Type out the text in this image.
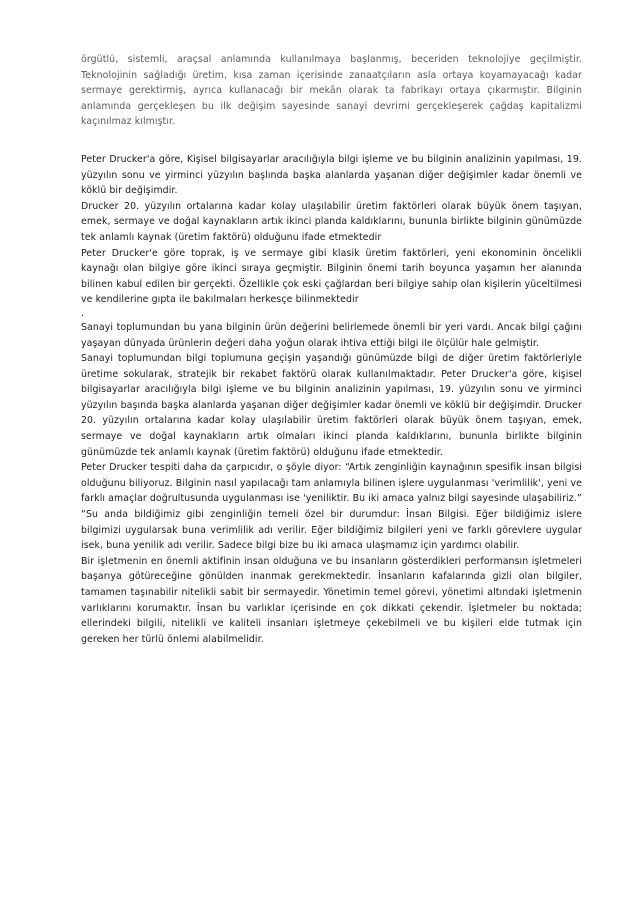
örgütlü, sistemli, araçsal anlamında kullanılmaya başlanmış, beceriden teknolojiye geçilmiştir. Teknolojinin sağladığı üretim, kısa zaman içerisinde zanaatçıların asla ortaya koyamayacağı kadar sermaye gerektirmiş, ayrıca kullanacağı bir mekân olarak ta fabrikayı ortaya çıkarmıştır. Bilginin anlamında gerçekleşen bu ilk değişim sayesinde sanayi devrimi gerçekleşerek çağdaş kapitalizmi kaçınılmaz kılmıştır.

Peter Drucker'a göre, Kişisel bilgisayarlar aracılığıyla bilgi işleme ve bu bilginin analizinin yapılması, 19. yüzyılın sonu ve yirminci yüzyılın başlında başka alanlarda yaşanan diğer değişimler kadar önemli ve köklü bir değişimdir.

Drucker 20. yüzyılın ortalarına kadar kolay ulaşılabilir üretim faktörleri olarak büyük önem taşıyan, emek, sermaye ve doğal kaynakların artık ikinci planda kaldıklarını, bununla birlikte bilginin günümüzde tek anlamlı kaynak (üretim faktörü) olduğunu ifade etmektedir

Peter Drucker'e göre toprak, iş ve sermaye gibi klasik üretim faktörleri, yeni ekonominin öncelikli kaynağı olan bilgiye göre ikinci sıraya geçmiştir. Bilginin önemi tarih boyunca yaşamın her alanında bilinen kabul edilen bir gerçekti. Özellikle çok eski çağlardan beri bilgiye sahip olan kişilerin yüceltilmesi ve kendilerine gıpta ile bakılmaları herkesçe bilinmektedir

.

Sanayi toplumundan bu yana bilginin ürün değerini belirlemede önemli bir yeri vardı. Ancak bilgi çağını yaşayan dünyada ürünlerin değeri daha yoğun olarak ihtiva ettiği bilgi ile ölçülür hale gelmiştir.

Sanayi toplumundan bilgi toplumuna geçişin yaşandığı günümüzde bilgi de diğer üretim faktörleriyle üretime sokularak, stratejik bir rekabet faktörü olarak kullanılmaktadır. Peter Drucker'a göre, kişisel bilgisayarlar aracılığıyla bilgi işleme ve bu bilginin analizinin yapılması, 19. yüzyılın sonu ve yirminci yüzyılın başında başka alanlarda yaşanan diğer değişimler kadar önemli ve köklü bir değişimdir. Drucker 20. yüzyılın ortalarına kadar kolay ulaşılabilir üretim faktörleri olarak büyük önem taşıyan, emek, sermaye ve doğal kaynakların artık olmaları ikinci planda kaldıklarını, bununla birlikte bilginin günümüzde tek anlamlı kaynak (üretim faktörü) olduğunu ifade etmektedir.

Peter Drucker tespiti daha da çarpıcıdır, o şöyle diyor: “Artık zenginliğin kaynağının spesifik insan bilgisi olduğunu biliyoruz. Bilginin nasıl yapılacağı tam anlamıyla bilinen işlere uygulanması 'verimlilik', yeni ve farklı amaçlar doğrultusunda uygulanması ise 'yeniliktir. Bu iki amaca yalnız bilgi sayesinde ulaşabiliriz.”

“Su anda bildiğimiz gibi zenginliğin temeli özel bir durumdur: İnsan Bilgisi. Eğer bildiğimiz islere bilgimizi uygularsak buna verimlilik adı verilir. Eğer bildiğimiz bilgileri yeni ve farklı görevlere uygular isek, buna yenilik adı verilir. Sadece bilgi bize bu iki amaca ulaşmamız için yardımcı olabilir.

Bir işletmenin en önemli aktifinin insan olduğuna ve bu insanların gösterdikleri performansın işletmeleri başarıya götüreceğine gönülden inanmak gerekmektedir. İnsanların kafalarında gizli olan bilgiler, tamamen taşınabilir nitelikli sabit bir sermayedir. Yönetimin temel görevi, yönetimi altındaki işletmenin varlıklarını korumaktır. İnsan bu varlıklar içerisinde en çok dikkati çekendir. İşletmeler bu noktada; ellerindeki bilgili, nitelikli ve kaliteli insanları işletmeye çekebilmeli ve bu kişileri elde tutmak için gereken her türlü önlemi alabilmelidir.
